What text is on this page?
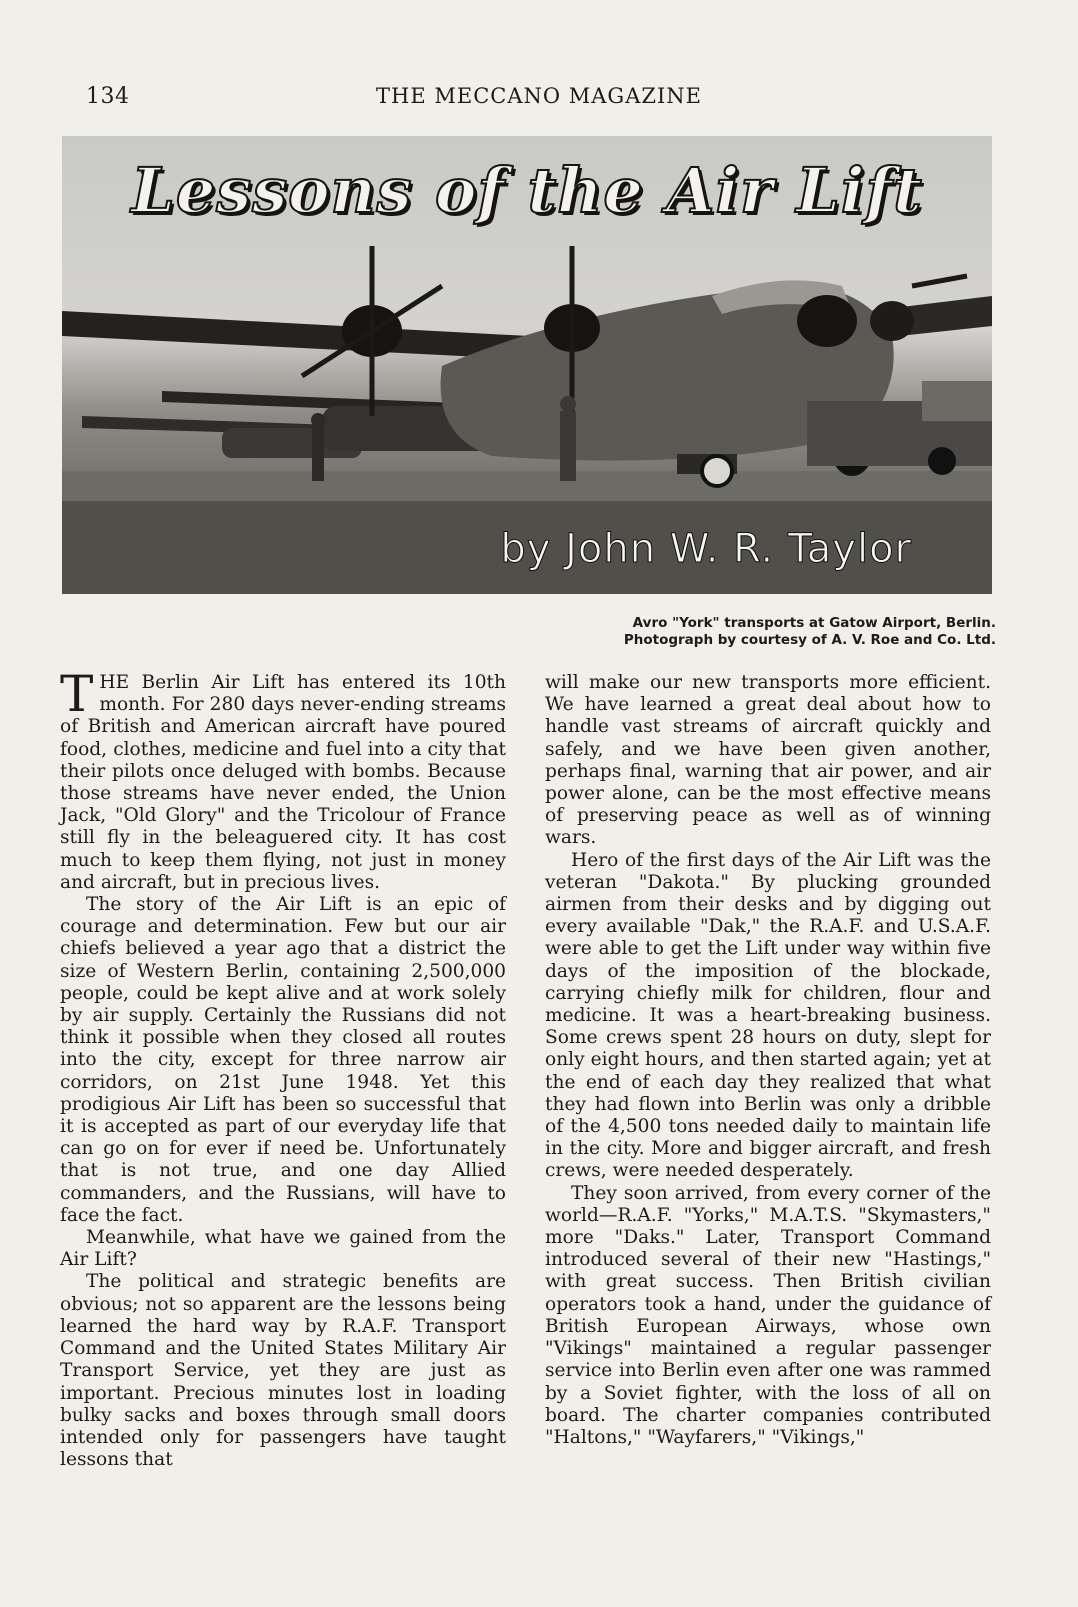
134	THE MECCANO MAGAZINE
Lessons of the Air Lift
by John W. R. Taylor
Avro "York" transports at Gatow Airport, Berlin.
Photograph by courtesy of A. V. Roe and Co. Ltd.

THE Berlin Air Lift has entered its 10th month. For 280 days never-ending streams of British and American aircraft have poured food, clothes, medicine and fuel into a city that their pilots once deluged with bombs. Because those streams have never ended, the Union Jack, "Old Glory" and the Tricolour of France still fly in the beleaguered city. It has cost much to keep them flying, not just in money and aircraft, but in precious lives.

The story of the Air Lift is an epic of courage and determination. Few but our air chiefs believed a year ago that a district the size of Western Berlin, containing 2,500,000 people, could be kept alive and at work solely by air supply. Certainly the Russians did not think it possible when they closed all routes into the city, except for three narrow air corridors, on 21st June 1948. Yet this prodigious Air Lift has been so successful that it is accepted as part of our everyday life that can go on for ever if need be. Unfortunately that is not true, and one day Allied commanders, and the Russians, will have to face the fact.

Meanwhile, what have we gained from the Air Lift?

The political and strategic benefits are obvious; not so apparent are the lessons being learned the hard way by R.A.F. Transport Command and the United States Military Air Transport Service, yet they are just as important. Precious minutes lost in loading bulky sacks and boxes through small doors intended only for passengers have taught lessons that

will make our new transports more efficient. We have learned a great deal about how to handle vast streams of aircraft quickly and safely, and we have been given another, perhaps final, warning that air power, and air power alone, can be the most effective means of preserving peace as well as of winning wars.

Hero of the first days of the Air Lift was the veteran "Dakota." By plucking grounded airmen from their desks and by digging out every available "Dak," the R.A.F. and U.S.A.F. were able to get the Lift under way within five days of the imposition of the blockade, carrying chiefly milk for children, flour and medicine. It was a heart-breaking business. Some crews spent 28 hours on duty, slept for only eight hours, and then started again; yet at the end of each day they realized that what they had flown into Berlin was only a dribble of the 4,500 tons needed daily to maintain life in the city. More and bigger aircraft, and fresh crews, were needed desperately.

They soon arrived, from every corner of the world—R.A.F. "Yorks," M.A.T.S. "Skymasters," more "Daks." Later, Transport Command introduced several of their new "Hastings," with great success. Then British civilian operators took a hand, under the guidance of British European Airways, whose own "Vikings" maintained a regular passenger service into Berlin even after one was rammed by a Soviet fighter, with the loss of all on board. The charter companies contributed "Haltons," "Wayfarers," "Vikings,"
